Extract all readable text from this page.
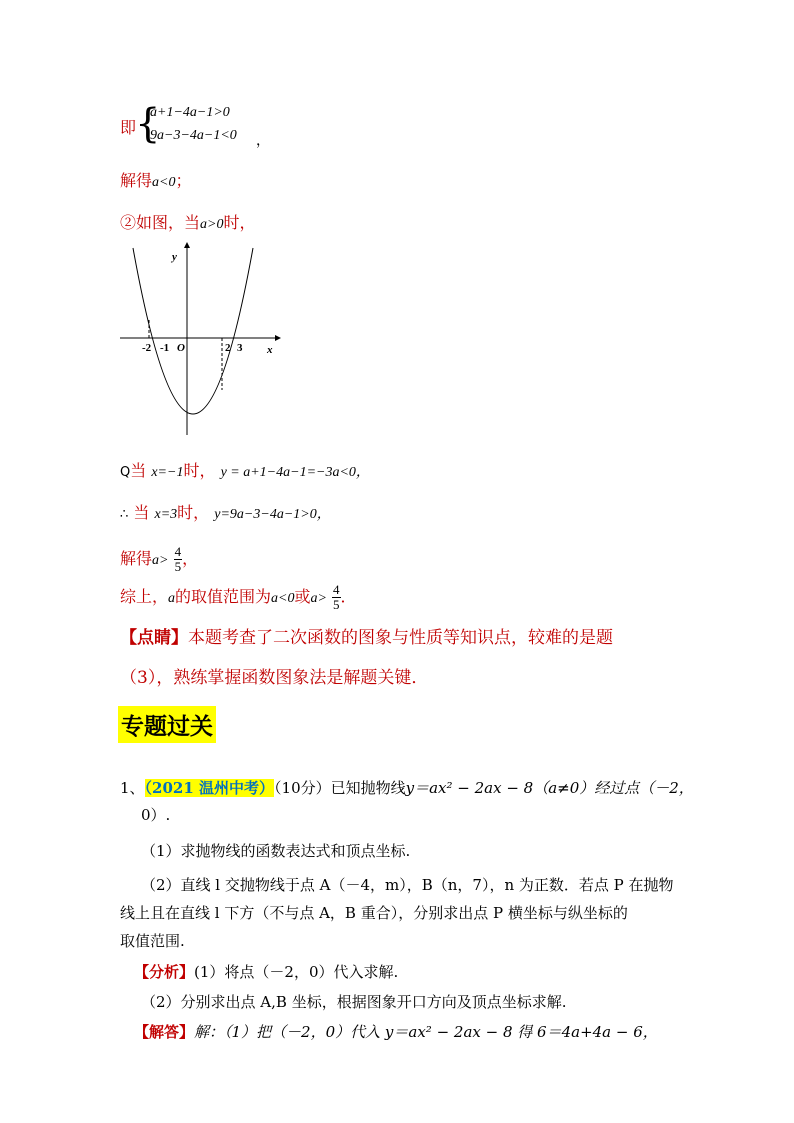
即
{
a+1−4a−1>0
9a−3−4a−1<0 ，
解得a<0；
②如图，当a>0时，
y
x
O
-2 -1	2 3
Q当 x=−1时， y = a+1−4a−1=−3a<0，
∴ 当 x=3时， y=9a−3−4a−1>0，
解得$a> \frac{4}{5}$ ，
综上，a的取值范围为a<0或$a> \frac{4}{5}$ ．
【点睛】本题考查了二次函数的图象与性质等知识点，较难的是题
（3），熟练掌握函数图象法是解题关键．
专题过关
1、（2021 温州中考）（10分）已知抛物线y＝ax² − 2ax − 8（a≠0）经过点（－2，
0）.
（1）求抛物线的函数表达式和顶点坐标.
（2）直线 l 交抛物线于点 A（－4，m），B（n，7），n 为正数．若点 P 在抛物
线上且在直线 l 下方（不与点 A，B 重合），分别求出点 P 横坐标与纵坐标的
取值范围.
【分析】(1）将点（－2，0）代入求解.
（2）分别求出点 A,B 坐标，根据图象开口方向及顶点坐标求解.
【解答】解：（1）把（－2，0）代入 y＝ax² − 2ax − 8 得 6＝4a+4a − 6，
